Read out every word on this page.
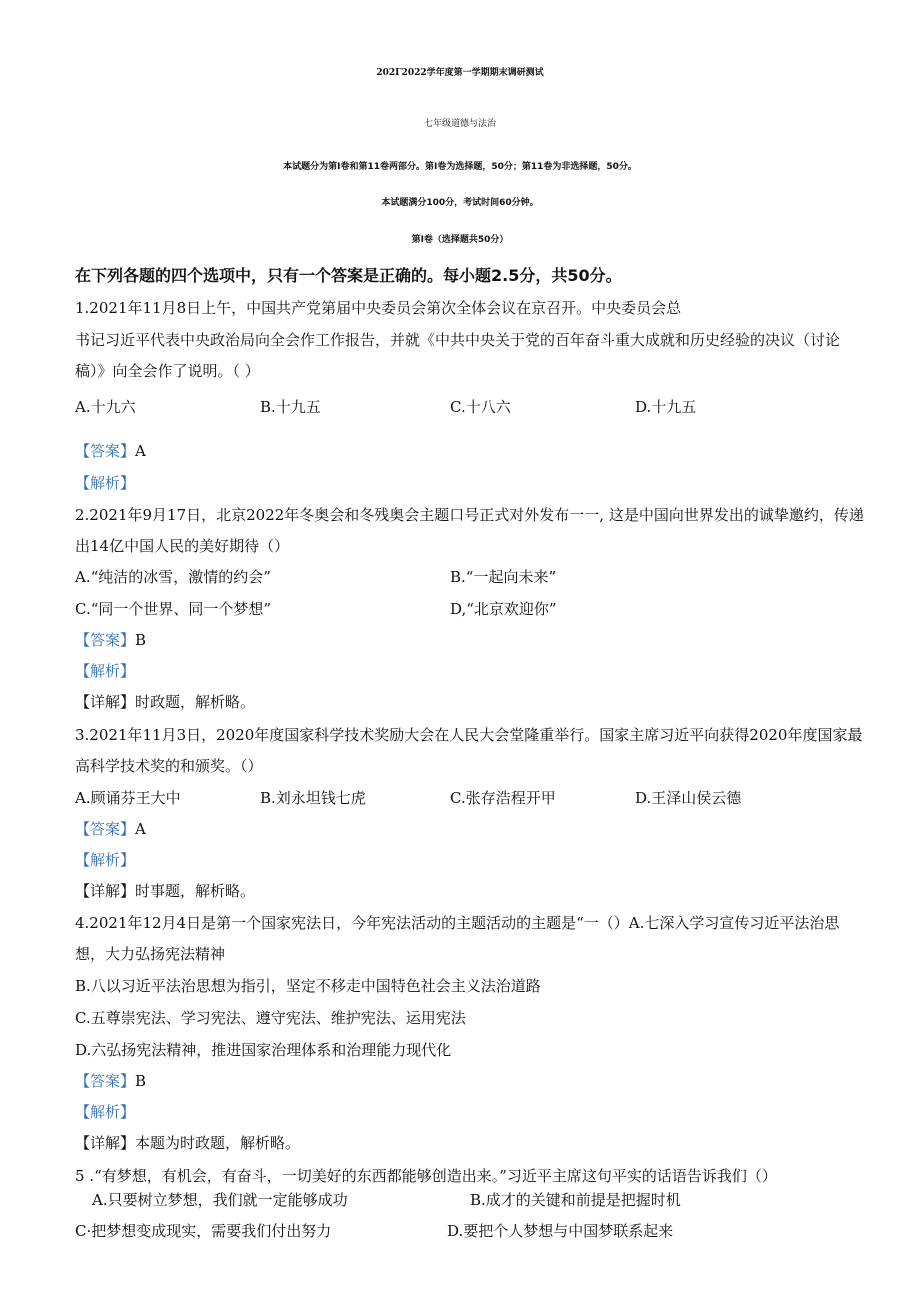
202Γ2022学年度第一学期期末调研测试
七年级道德与法治
本试题分为第I卷和第11卷两部分。第I卷为选择题，50分；第11卷为非选择题，50分。
本试题满分100分，考试时间60分钟。
第I卷（选择题共50分）
在下列各题的四个选项中，只有一个答案是正确的。每小题2.5分，共50分。
1.2021年11月8日上午，中国共产党第届中央委员会第次全体会议在京召开。中央委员会总
书记习近平代表中央政治局向全会作工作报告，并就《中共中央关于党的百年奋斗重大成就和历史经验的决议（讨论
稿）》向全会作了说明。（ ）
A.十九六	B.十九五	C.十八六	D.十九五
【答案】A
【解析】
2.2021年9月17日，北京2022年冬奥会和冬残奥会主题口号正式对外发布一一, 这是中国向世界发出的诚挚邀约，传递
出14亿中国人民的美好期待（）
A.“纯洁的冰雪，激情的约会”	B.“一起向未来”
C.“同一个世界、同一个梦想”	D,“北京欢迎你”
【答案】B
【解析】
【详解】时政题，解析略。
3.2021年11月3日，2020年度国家科学技术奖励大会在人民大会堂隆重举行。国家主席习近平向获得2020年度国家最
高科学技术奖的和颁奖。（）
A.顾诵芬王大中	B.刘永坦钱七虎	C.张存浩程开甲	D.王泽山侯云德
【答案】A
【解析】
【详解】时事题，解析略。
4.2021年12月4日是第一个国家宪法日，今年宪法活动的主题活动的主题是“一（）A.七深入学习宣传习近平法治思
想，大力弘扬宪法精神
B.八以习近平法治思想为指引，坚定不移走中国特色社会主义法治道路
C.五尊崇宪法、学习宪法、遵守宪法、维护宪法、运用宪法
D.六弘扬宪法精神，推进国家治理体系和治理能力现代化
【答案】B
【解析】
【详解】本题为时政题，解析略。
5 .“有梦想，有机会，有奋斗，一切美好的东西都能够创造出来。”习近平主席这句平实的话语告诉我们（）
A.只要树立梦想，我们就一定能够成功	B.成才的关键和前提是把握时机
C·把梦想变成现实，需要我们付出努力	D.要把个人梦想与中国梦联系起来
